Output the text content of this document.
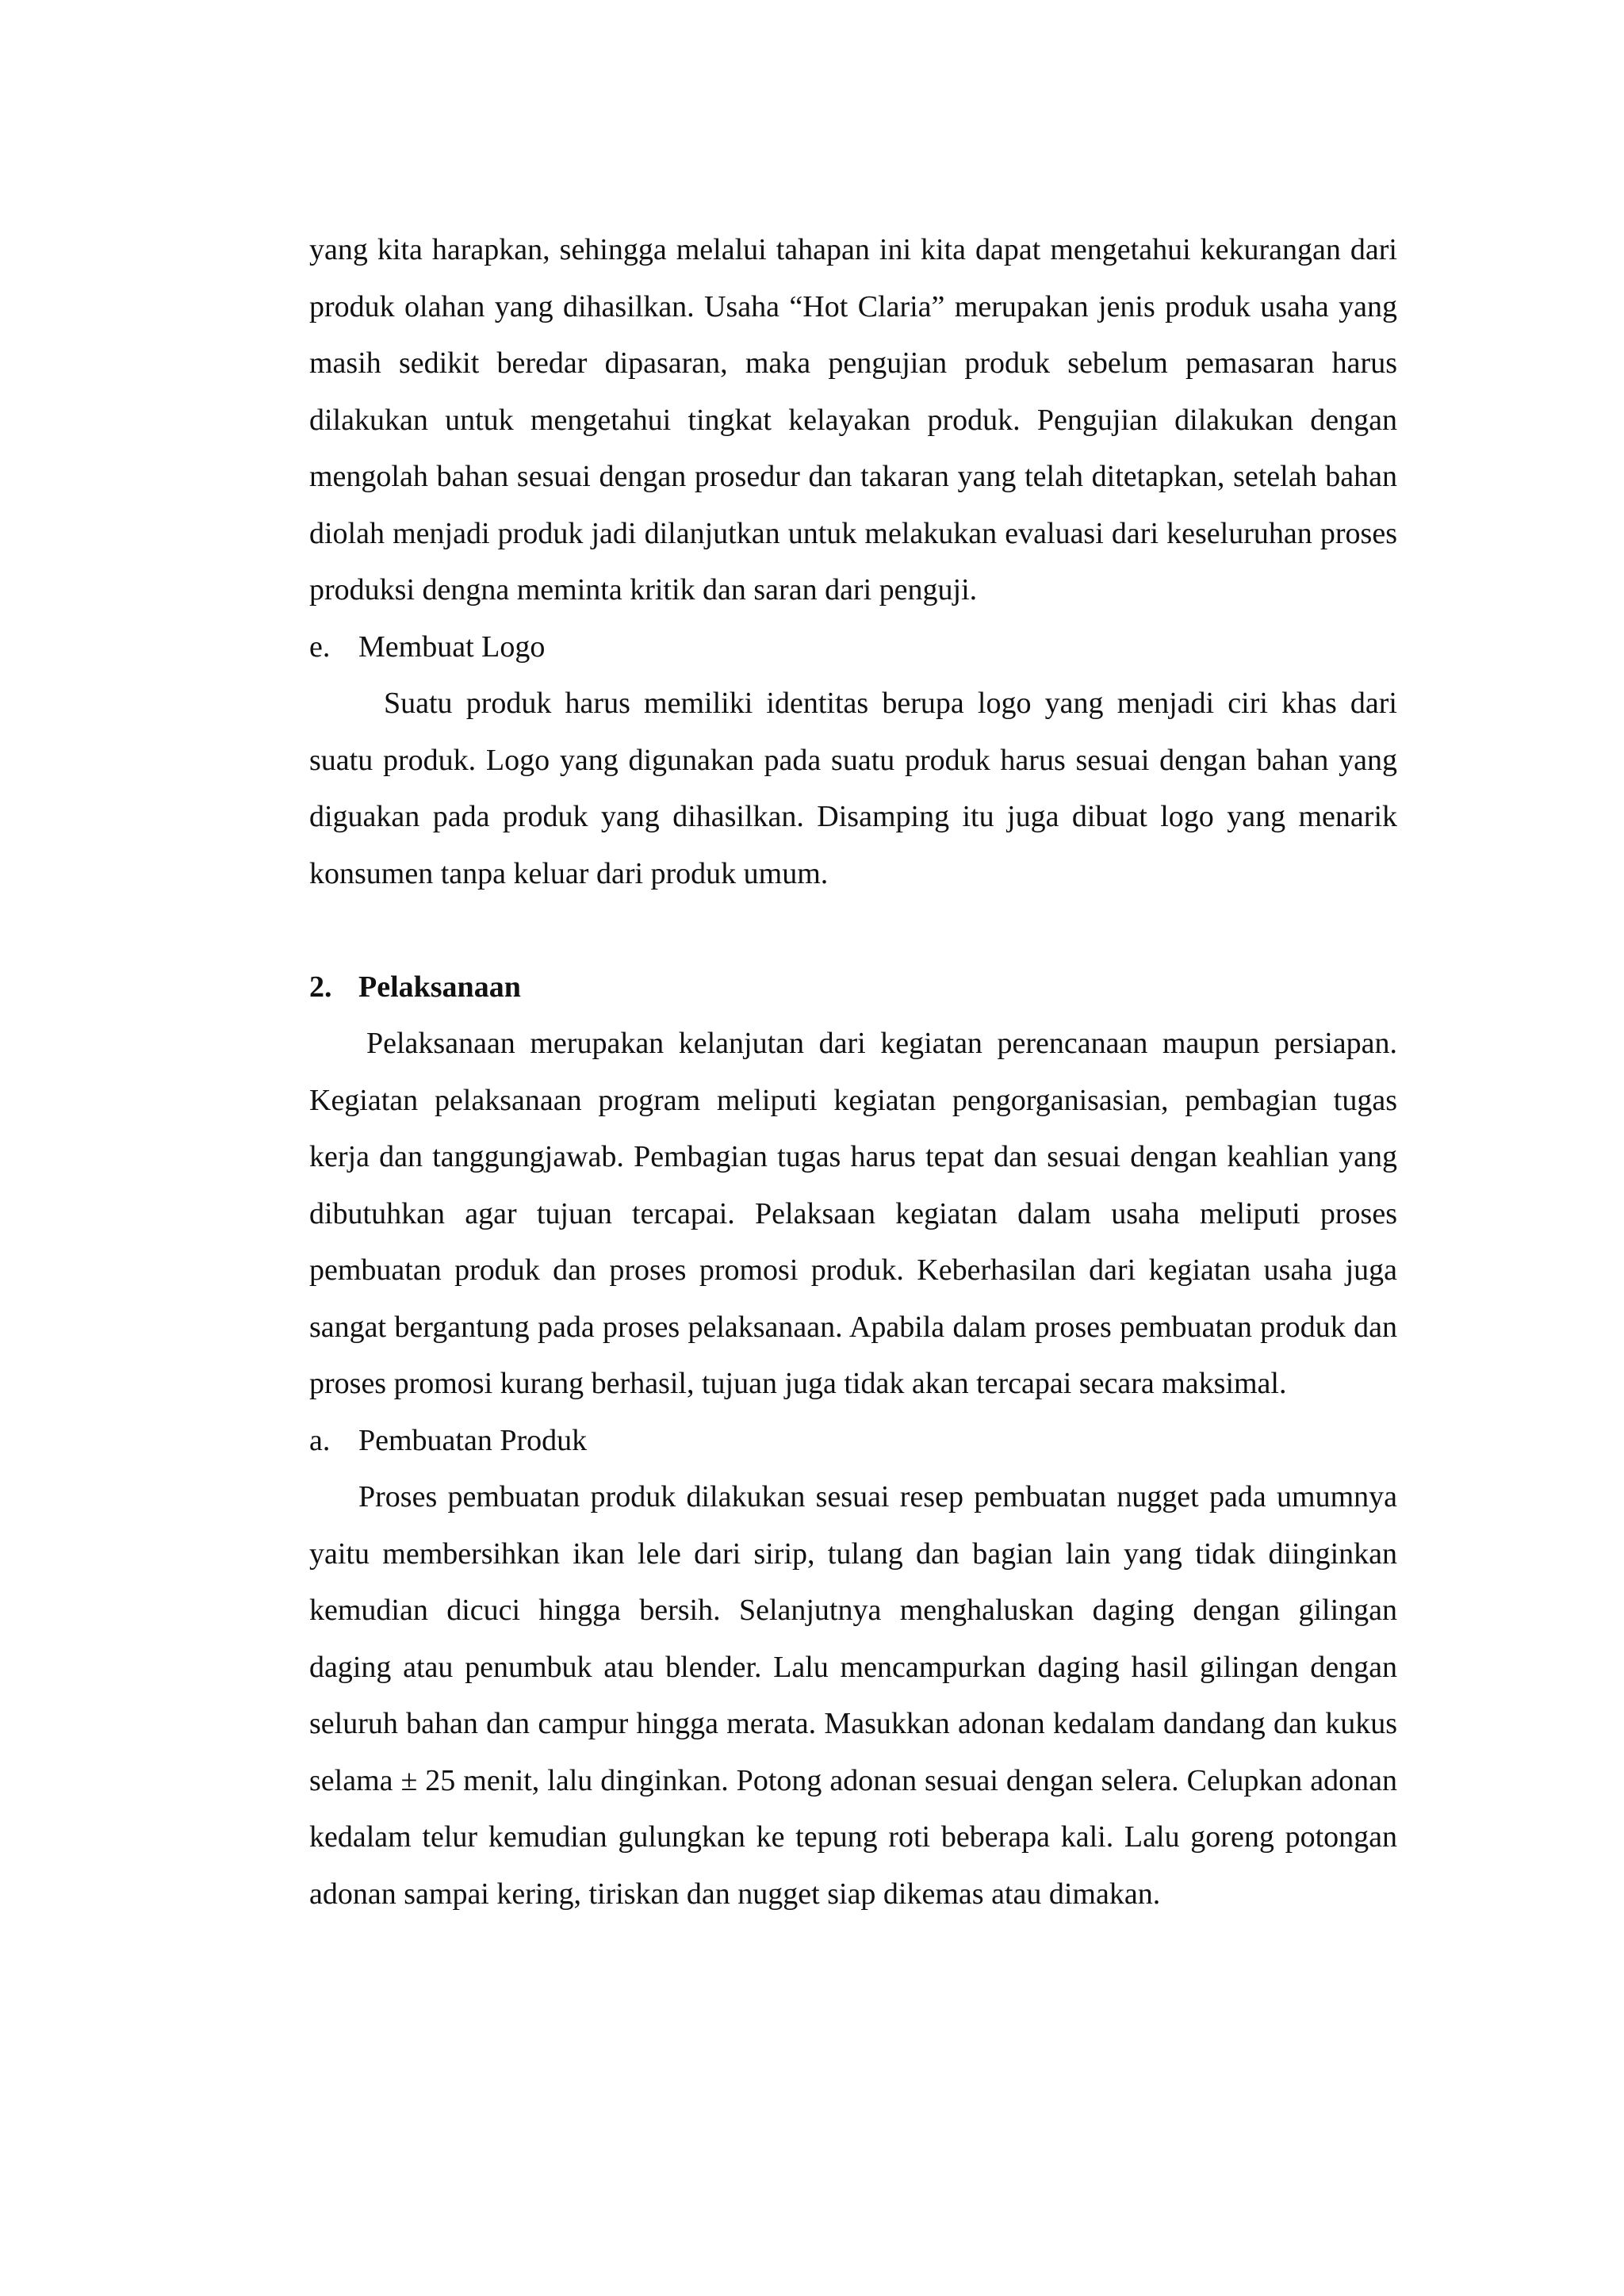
yang kita harapkan, sehingga melalui tahapan ini kita dapat mengetahui kekurangan dari produk olahan yang dihasilkan. Usaha “Hot Claria” merupakan jenis produk usaha yang masih sedikit beredar dipasaran, maka pengujian produk sebelum pemasaran harus dilakukan untuk mengetahui tingkat kelayakan produk. Pengujian dilakukan dengan mengolah bahan sesuai dengan prosedur dan takaran yang telah ditetapkan, setelah bahan diolah menjadi produk jadi dilanjutkan untuk melakukan evaluasi dari keseluruhan proses produksi dengna meminta kritik dan saran dari penguji.

e. Membuat Logo

Suatu produk harus memiliki identitas berupa logo yang menjadi ciri khas dari suatu produk. Logo yang digunakan pada suatu produk harus sesuai dengan bahan yang diguakan pada produk yang dihasilkan. Disamping itu juga dibuat logo yang menarik konsumen tanpa keluar dari produk umum.

2. Pelaksanaan

Pelaksanaan merupakan kelanjutan dari kegiatan perencanaan maupun persiapan. Kegiatan pelaksanaan program meliputi kegiatan pengorganisasian, pembagian tugas kerja dan tanggungjawab. Pembagian tugas harus tepat dan sesuai dengan keahlian yang dibutuhkan agar tujuan tercapai. Pelaksaan kegiatan dalam usaha meliputi proses pembuatan produk dan proses promosi produk. Keberhasilan dari kegiatan usaha juga sangat bergantung pada proses pelaksanaan. Apabila dalam proses pembuatan produk dan proses promosi kurang berhasil, tujuan juga tidak akan tercapai secara maksimal.

a. Pembuatan Produk

Proses pembuatan produk dilakukan sesuai resep pembuatan nugget pada umumnya yaitu membersihkan ikan lele dari sirip, tulang dan bagian lain yang tidak diinginkan kemudian dicuci hingga bersih. Selanjutnya menghaluskan daging dengan gilingan daging atau penumbuk atau blender. Lalu mencampurkan daging hasil gilingan dengan seluruh bahan dan campur hingga merata. Masukkan adonan kedalam dandang dan kukus selama ± 25 menit, lalu dinginkan. Potong adonan sesuai dengan selera. Celupkan adonan kedalam telur kemudian gulungkan ke tepung roti beberapa kali. Lalu goreng potongan adonan sampai kering, tiriskan dan nugget siap dikemas atau dimakan.
